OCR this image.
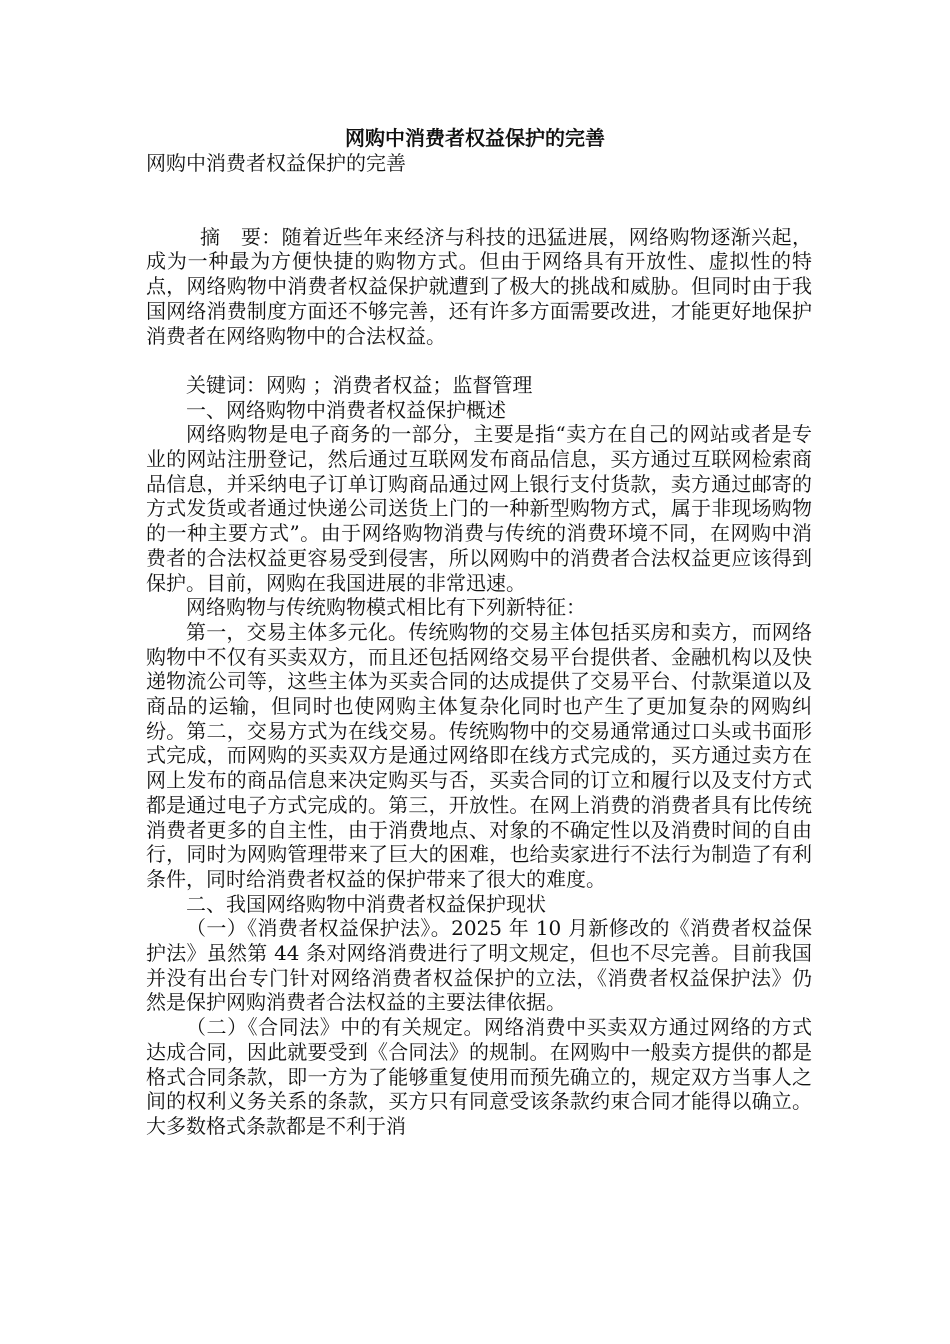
网购中消费者权益保护的完善
网购中消费者权益保护的完善

摘　要：随着近些年来经济与科技的迅猛进展，网络购物逐渐兴起，成为一种最为方便快捷的购物方式。但由于网络具有开放性、虚拟性的特点，网络购物中消费者权益保护就遭到了极大的挑战和威胁。但同时由于我国网络消费制度方面还不够完善，还有许多方面需要改进，才能更好地保护消费者在网络购物中的合法权益。

关键词：网购 ；消费者权益；监督管理

一、网络购物中消费者权益保护概述

网络购物是电子商务的一部分，主要是指“卖方在自己的网站或者是专业的网站注册登记，然后通过互联网发布商品信息，买方通过互联网检索商品信息，并采纳电子订单订购商品通过网上银行支付货款，卖方通过邮寄的方式发货或者通过快递公司送货上门的一种新型购物方式，属于非现场购物的一种主要方式”。由于网络购物消费与传统的消费环境不同，在网购中消费者的合法权益更容易受到侵害，所以网购中的消费者合法权益更应该得到保护。目前，网购在我国进展的非常迅速。

网络购物与传统购物模式相比有下列新特征：

第一，交易主体多元化。传统购物的交易主体包括买房和卖方，而网络购物中不仅有买卖双方，而且还包括网络交易平台提供者、金融机构以及快递物流公司等，这些主体为买卖合同的达成提供了交易平台、付款渠道以及商品的运输，但同时也使网购主体复杂化同时也产生了更加复杂的网购纠纷。第二，交易方式为在线交易。传统购物中的交易通常通过口头或书面形式完成，而网购的买卖双方是通过网络即在线方式完成的，买方通过卖方在网上发布的商品信息来决定购买与否，买卖合同的订立和履行以及支付方式都是通过电子方式完成的。第三，开放性。在网上消费的消费者具有比传统消费者更多的自主性，由于消费地点、对象的不确定性以及消费时间的自由行，同时为网购管理带来了巨大的困难，也给卖家进行不法行为制造了有利条件，同时给消费者权益的保护带来了很大的难度。

二、我国网络购物中消费者权益保护现状

（一）《消费者权益保护法》。2025 年 10 月新修改的《消费者权益保护法》虽然第 44 条对网络消费进行了明文规定，但也不尽完善。目前我国并没有出台专门针对网络消费者权益保护的立法，《消费者权益保护法》仍然是保护网购消费者合法权益的主要法律依据。

（二）《合同法》中的有关规定。网络消费中买卖双方通过网络的方式达成合同，因此就要受到《合同法》的规制。在网购中一般卖方提供的都是格式合同条款，即一方为了能够重复使用而预先确立的，规定双方当事人之间的权利义务关系的条款，买方只有同意受该条款约束合同才能得以确立。大多数格式条款都是不利于消
